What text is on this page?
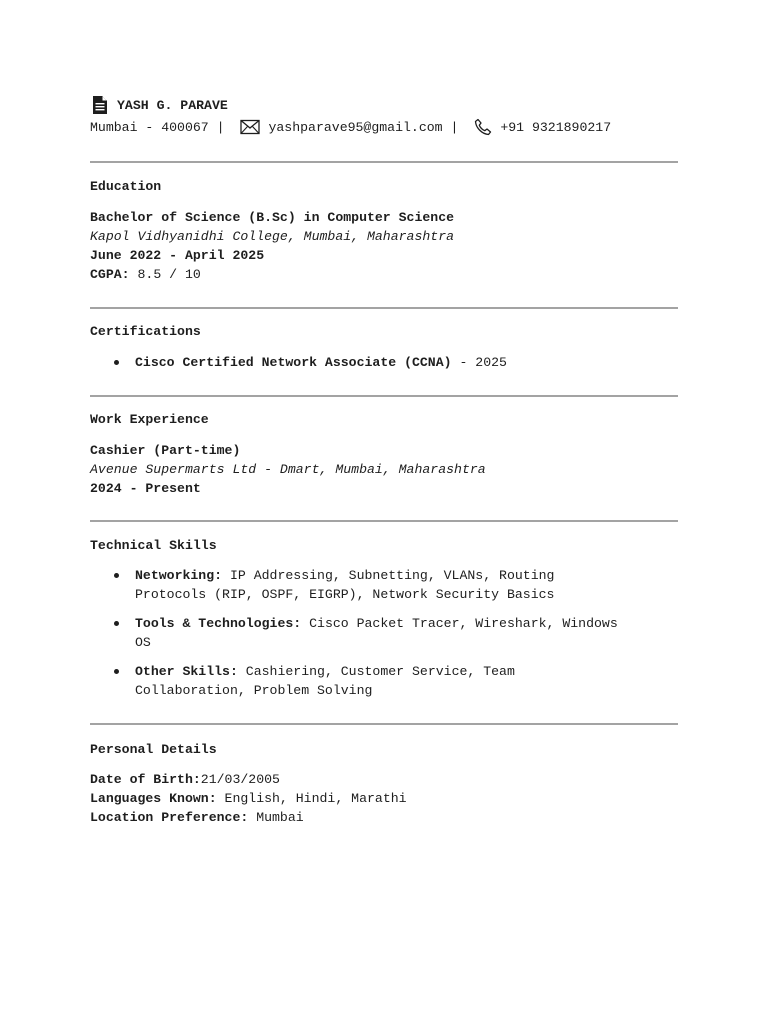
YASH G. PARAVE
Mumbai - 400067 |	yashparave95@gmail.com |	+91 9321890217
Education
Bachelor of Science (B.Sc) in Computer Science
Kapol Vidhyanidhi College, Mumbai, Maharashtra
June 2022 - April 2025
CGPA: 8.5 / 10
Certifications
Cisco Certified Network Associate (CCNA) - 2025
Work Experience
Cashier (Part-time)
Avenue Supermarts Ltd - Dmart, Mumbai, Maharashtra
2024 - Present
Technical Skills
Networking: IP Addressing, Subnetting, VLANs, Routing Protocols (RIP, OSPF, EIGRP), Network Security Basics
Tools & Technologies: Cisco Packet Tracer, Wireshark, Windows OS
Other Skills: Cashiering, Customer Service, Team Collaboration, Problem Solving
Personal Details
Date of Birth:21/03/2005
Languages Known: English, Hindi, Marathi
Location Preference: Mumbai
